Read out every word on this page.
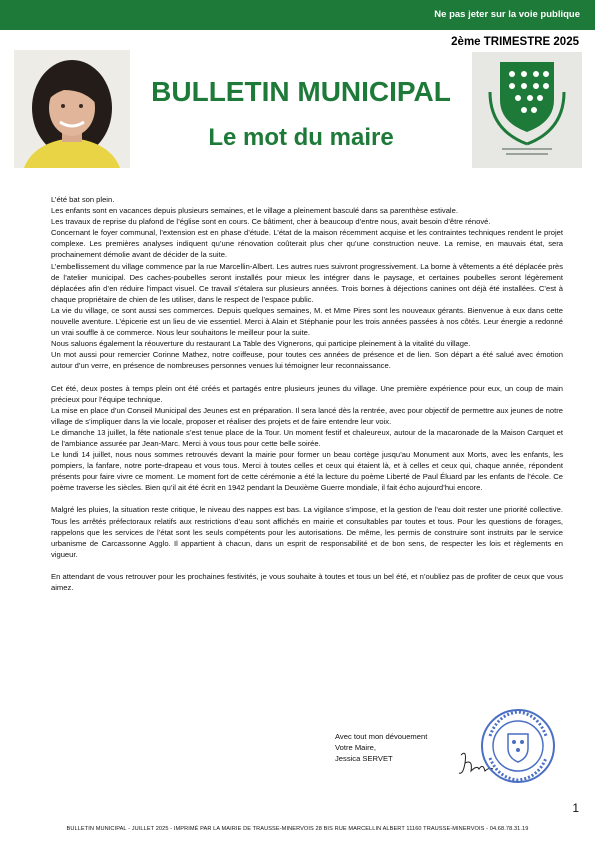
Ne pas jeter sur la voie publique
2ème TRIMESTRE 2025
BULLETIN MUNICIPAL
Le mot du maire

L’été bat son plein.

Les enfants sont en vacances depuis plusieurs semaines, et le village a pleinement basculé dans sa parenthèse estivale.

Les travaux de reprise du plafond de l’église sont en cours. Ce bâtiment, cher à beaucoup d’entre nous, avait besoin d’être rénové.

Concernant le foyer communal, l’extension est en phase d’étude. L’état de la maison récemment acquise et les contraintes techniques rendent le projet complexe. Les premières analyses indiquent qu’une rénovation coûterait plus cher qu’une construction neuve. La remise, en mauvais état, sera prochainement démolie avant de décider de la suite.

L’embellissement du village commence par la rue Marcellin-Albert. Les autres rues suivront progressivement. La borne à vêtements a été déplacée près de l’atelier municipal. Des caches-poubelles seront installés pour mieux les intégrer dans le paysage, et certaines poubelles seront légèrement déplacées afin d’en réduire l’impact visuel. Ce travail s’étalera sur plusieurs années. Trois bornes à déjections canines ont déjà été installées. C’est à chaque propriétaire de chien de les utiliser, dans le respect de l’espace public.

La vie du village, ce sont aussi ses commerces. Depuis quelques semaines, M. et Mme Pires sont les nouveaux gérants. Bienvenue à eux dans cette nouvelle aventure. L’épicerie est un lieu de vie essentiel. Merci à Alain et Stéphanie pour les trois années passées à nos côtés. Leur énergie a redonné un vrai souffle à ce commerce. Nous leur souhaitons le meilleur pour la suite.

Nous saluons également la réouverture du restaurant La Table des Vignerons, qui participe pleinement à la vitalité du village.

Un mot aussi pour remercier Corinne Mathez, notre coiffeuse, pour toutes ces années de présence et de lien. Son départ a été salué avec émotion autour d’un verre, en présence de nombreuses personnes venues lui témoigner leur reconnaissance.

Cet été, deux postes à temps plein ont été créés et partagés entre plusieurs jeunes du village. Une première expérience pour eux, un coup de main précieux pour l’équipe technique.

La mise en place d’un Conseil Municipal des Jeunes est en préparation. Il sera lancé dès la rentrée, avec pour objectif de permettre aux jeunes de notre village de s’impliquer dans la vie locale, proposer et réaliser des projets et de faire entendre leur voix.

Le dimanche 13 juillet, la fête nationale s’est tenue place de la Tour. Un moment festif et chaleureux, autour de la macaronade de la Maison Carquet et de l’ambiance assurée par Jean-Marc. Merci à vous tous pour cette belle soirée.

Le lundi 14 juillet, nous nous sommes retrouvés devant la mairie pour former un beau cortège jusqu’au Monument aux Morts, avec les enfants, les pompiers, la fanfare, notre porte-drapeau et vous tous. Merci à toutes celles et ceux qui étaient là, et à celles et ceux qui, chaque année, répondent présents pour faire vivre ce moment. Le moment fort de cette cérémonie a été la lecture du poème Liberté de Paul Éluard par les enfants de l’école. Ce poème traverse les siècles. Bien qu’il ait été écrit en 1942 pendant la Deuxième Guerre mondiale, il fait écho aujourd’hui encore.

Malgré les pluies, la situation reste critique, le niveau des nappes est bas. La vigilance s’impose, et la gestion de l’eau doit rester une priorité collective. Tous les arrêtés préfectoraux relatifs aux restrictions d’eau sont affichés en mairie et consultables par toutes et tous. Pour les questions de forages, rappelons que les services de l’état sont les seuls compétents pour les autorisations. De même, les permis de construire sont instruits par le service urbanisme de Carcassonne Agglo. Il appartient à chacun, dans un esprit de responsabilité et de bon sens, de respecter les lois et règlements en vigueur.

En attendant de vous retrouver pour les prochaines festivités, je vous souhaite à toutes et tous un bel été, et n’oubliez pas de profiter de ceux que vous aimez.

Avec tout mon dévouement
Votre Maire,
Jessica SERVET
1
BULLETIN MUNICIPAL - JUILLET 2025 - IMPRIMÉ PAR LA MAIRIE DE TRAUSSE-MINERVOIS 28 BIS RUE MARCELLIN ALBERT 11160 TRAUSSE-MINERVOIS - 04.68.78.31.19
